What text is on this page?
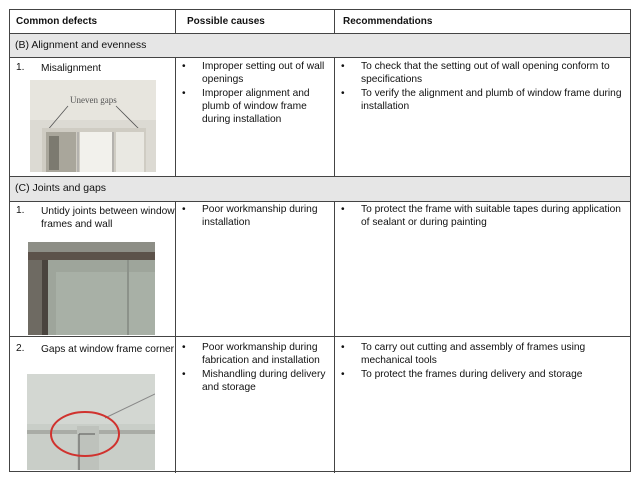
Common defects	Possible causes	Recommendations
(B) Alignment and evenness
1. Misalignment
Uneven gaps
• Improper setting out of wall openings
• Improper alignment and plumb of window frame during installation
• To check that the setting out of wall opening conform to specifications
• To verify the alignment and plumb of window frame during installation
(C) Joints and gaps
1. Untidy joints between window frames and wall
• Poor workmanship during installation
• To protect the frame with suitable tapes during application of sealant or during painting
2. Gaps at window frame corner • Poor workmanship during fabrication and installation
• Mishandling during delivery and storage
• To carry out cutting and assembly of frames using mechanical tools
• To protect the frames during delivery and storage
